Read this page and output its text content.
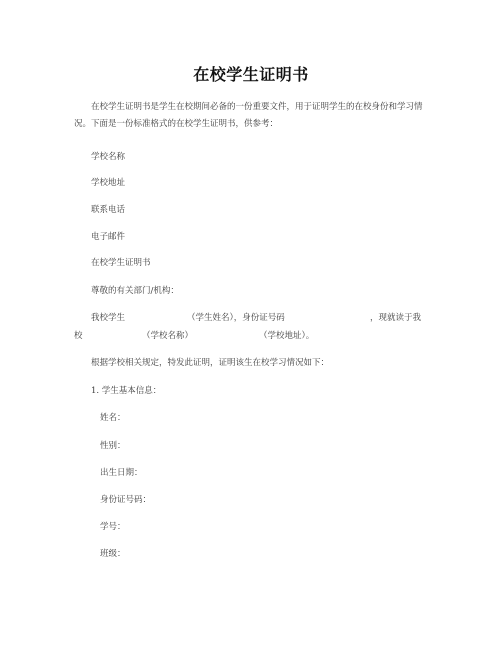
在校学生证明书
在校学生证明书是学生在校期间必备的一份重要文件，用于证明学生的在校身份和学习情况。下面是一份标准格式的在校学生证明书，供参考：
学校名称
学校地址
联系电话
电子邮件
在校学生证明书
尊敬的有关部门/机构：
我校学生	（学生姓名），身份证号码	，现就读于我
校	（学校名称）	（学校地址）。
根据学校相关规定，特发此证明，证明该生在校学习情况如下：
1. 学生基本信息：
姓名：
性别：
出生日期：
身份证号码：
学号：
班级：
